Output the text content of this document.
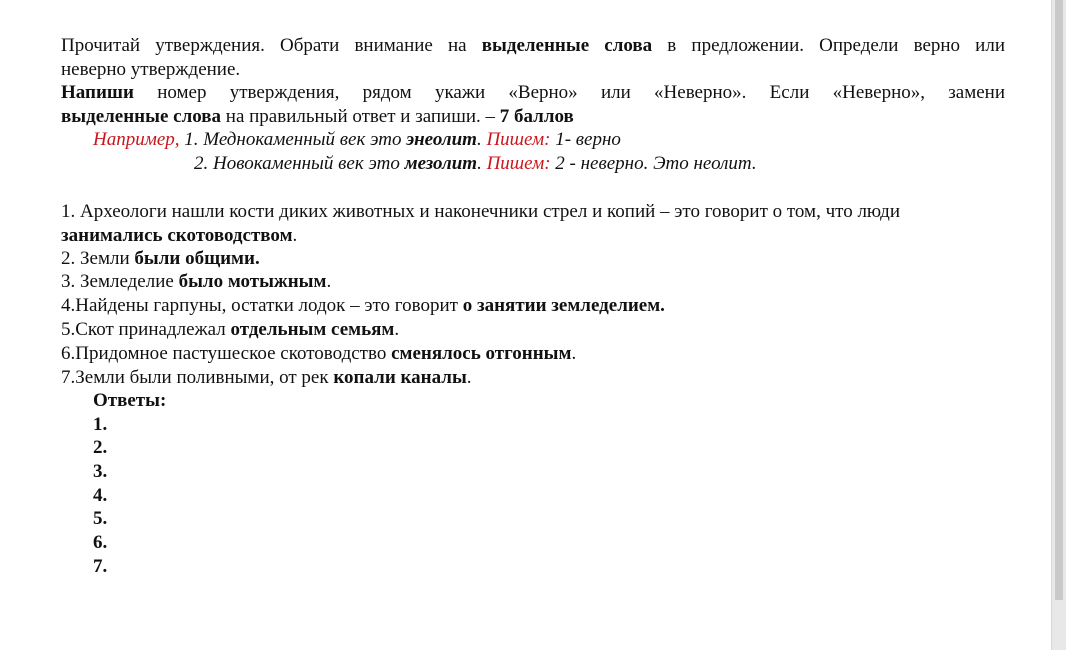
Прочитай утверждения. Обрати внимание на выделенные слова в предложении. Определи верно или
неверно утверждение.
Напиши номер утверждения, рядом укажи «Верно» или «Неверно». Если «Неверно», замени
выделенные слова на правильный ответ и запиши. – 7 баллов
Например, 1. Меднокаменный век это энеолит. Пишем: 1- верно
2. Новокаменный век это мезолит. Пишем: 2 - неверно. Это неолит.
1. Археологи нашли кости диких животных и наконечники стрел и копий – это говорит о том, что люди
занимались скотоводством.
2. Земли были общими.
3. Земледелие было мотыжным.
4.Найдены гарпуны, остатки лодок – это говорит о занятии земледелием.
5.Скот принадлежал отдельным семьям.
6.Придомное пастушеское скотоводство сменялось отгонным.
7.Земли были поливными, от рек копали каналы.
Ответы:
1.
2.
3.
4.
5.
6.
7.
